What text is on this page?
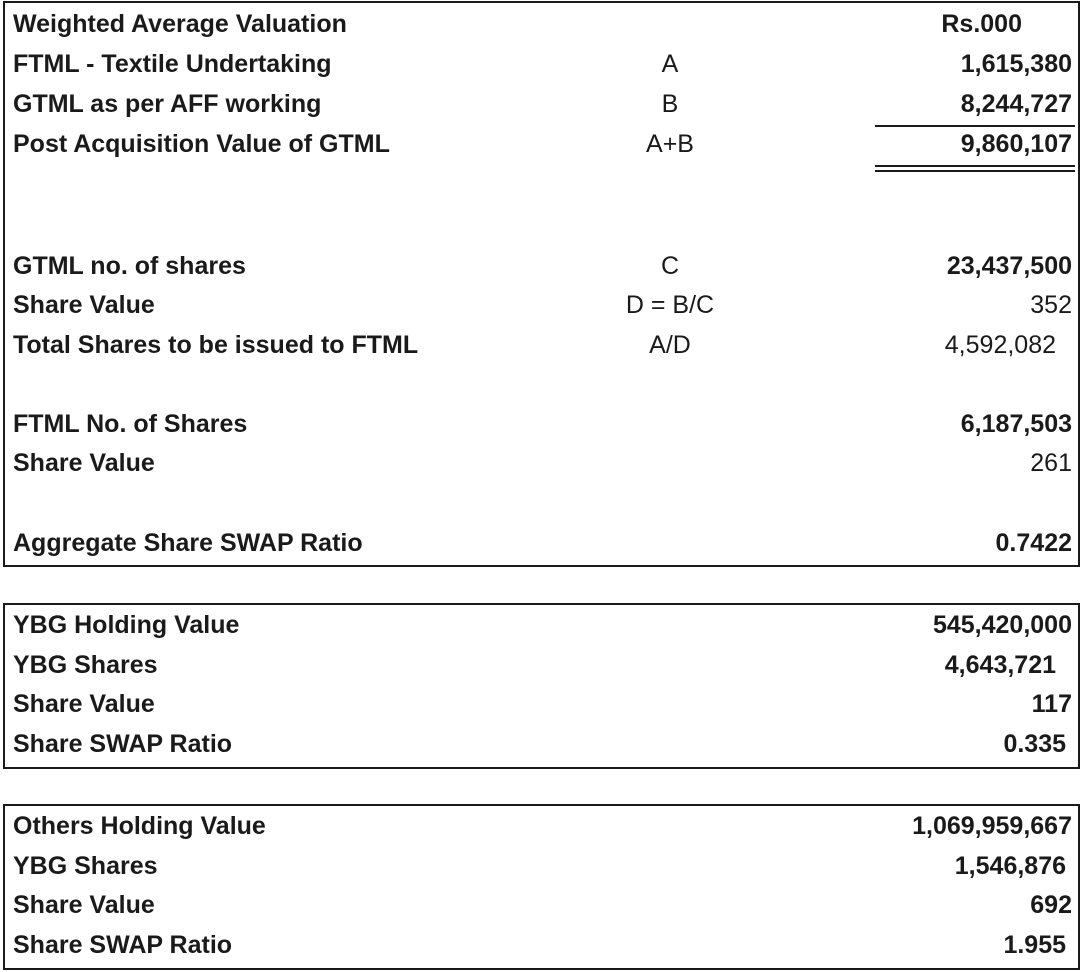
Weighted Average Valuation	Rs.000
FTML - Textile Undertaking	A	1,615,380
GTML as per AFF working	B	8,244,727
Post Acquisition Value of GTML	A+B	9,860,107
GTML no. of shares	C	23,437,500
Share Value	D = B/C	352
Total Shares to be issued to FTML	A/D	4,592,082
FTML No. of Shares	6,187,503
Share Value	261
Aggregate Share SWAP Ratio	0.7422
YBG Holding Value	545,420,000
YBG Shares	4,643,721
Share Value	117
Share SWAP Ratio	0.335
Others Holding Value	1,069,959,667
YBG Shares	1,546,876
Share Value	692
Share SWAP Ratio	1.955
